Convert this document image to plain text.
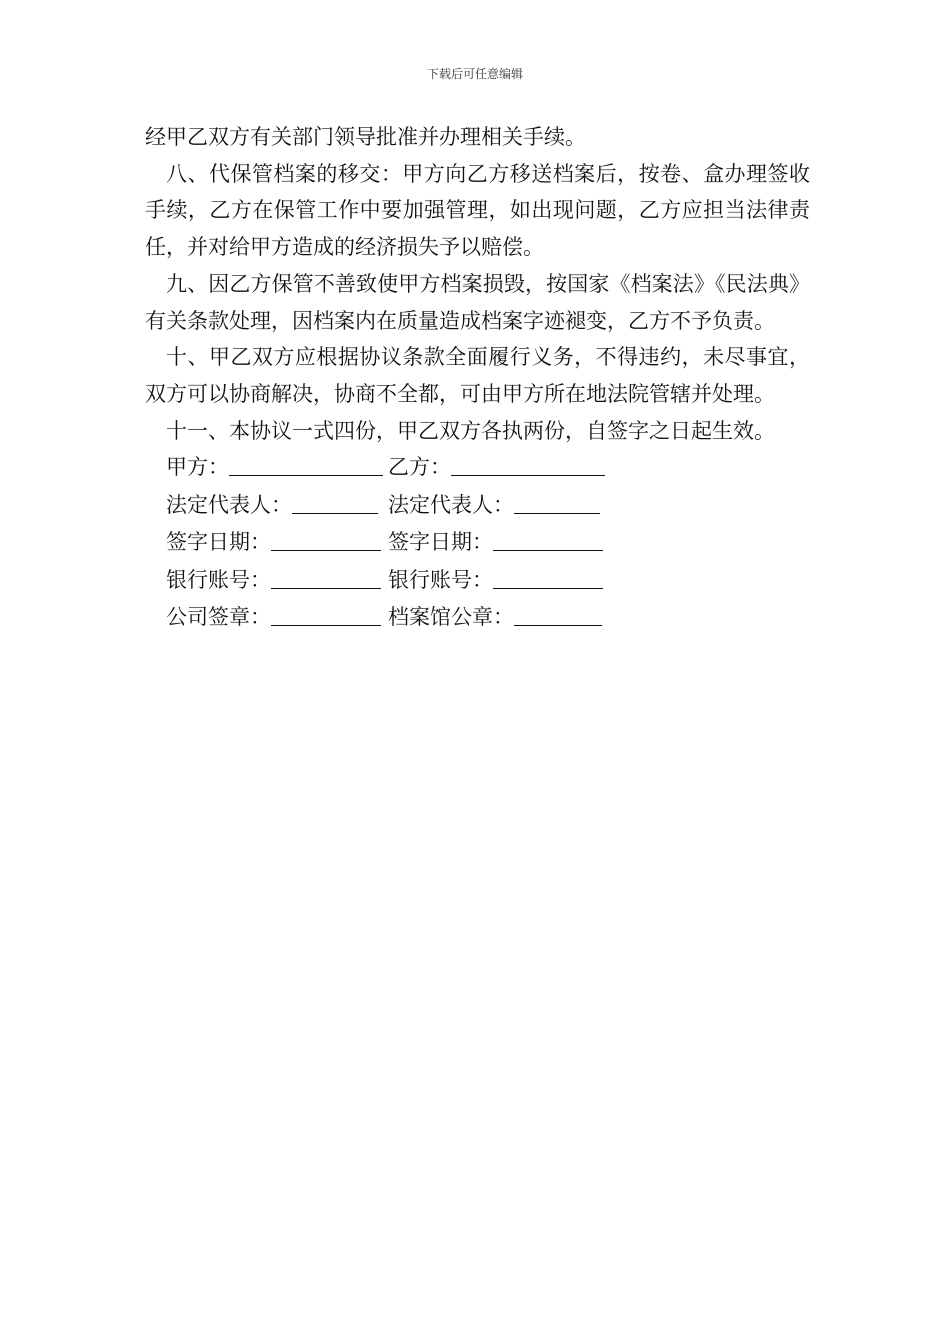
下载后可任意编辑

经甲乙双方有关部门领导批准并办理相关手续。

八、代保管档案的移交：甲方向乙方移送档案后，按卷、盒办理签收手续，乙方在保管工作中要加强管理，如出现问题，乙方应担当法律责任，并对给甲方造成的经济损失予以赔偿。

九、因乙方保管不善致使甲方档案损毁，按国家《档案法》《民法典》有关条款处理，因档案内在质量造成档案字迹褪变，乙方不予负责。

十、甲乙双方应根据协议条款全面履行义务，不得违约，未尽事宜，双方可以协商解决，协商不全都，可由甲方所在地法院管辖并处理。

十一、本协议一式四份，甲乙双方各执两份，自签字之日起生效。

甲方：	乙方：
法定代表人：	法定代表人：
签字日期：	签字日期：
银行账号：	银行账号：
公司签章：	档案馆公章：
